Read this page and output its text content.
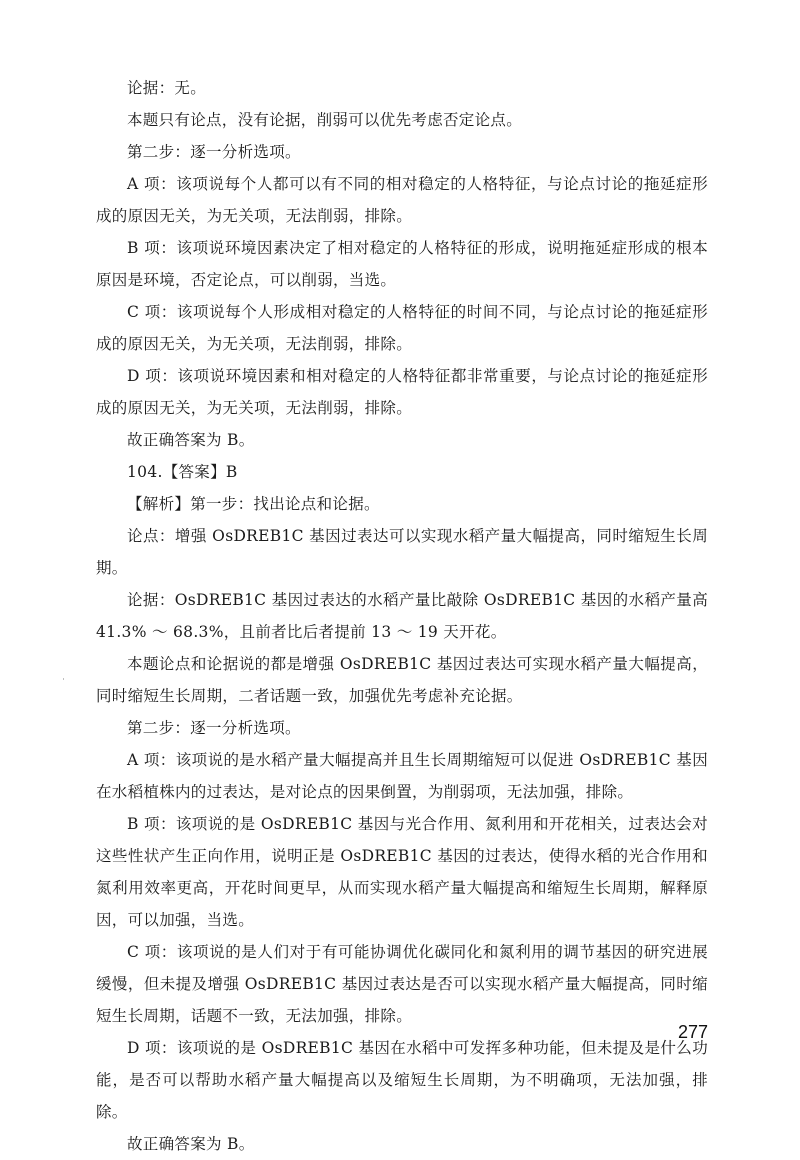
论据：无。

本题只有论点，没有论据，削弱可以优先考虑否定论点。

第二步：逐一分析选项。

A 项：该项说每个人都可以有不同的相对稳定的人格特征，与论点讨论的拖延症形成的原因无关，为无关项，无法削弱，排除。

B 项：该项说环境因素决定了相对稳定的人格特征的形成，说明拖延症形成的根本原因是环境，否定论点，可以削弱，当选。

C 项：该项说每个人形成相对稳定的人格特征的时间不同，与论点讨论的拖延症形成的原因无关，为无关项，无法削弱，排除。

D 项：该项说环境因素和相对稳定的人格特征都非常重要，与论点讨论的拖延症形成的原因无关，为无关项，无法削弱，排除。

故正确答案为 B。

104.【答案】B

【解析】第一步：找出论点和论据。

论点：增强 OsDREB1C 基因过表达可以实现水稻产量大幅提高，同时缩短生长周期。

论据：OsDREB1C 基因过表达的水稻产量比敲除 OsDREB1C 基因的水稻产量高 41.3% ～ 68.3%，且前者比后者提前 13 ～ 19 天开花。

本题论点和论据说的都是增强 OsDREB1C 基因过表达可实现水稻产量大幅提高，同时缩短生长周期，二者话题一致，加强优先考虑补充论据。

第二步：逐一分析选项。

A 项：该项说的是水稻产量大幅提高并且生长周期缩短可以促进 OsDREB1C 基因在水稻植株内的过表达，是对论点的因果倒置，为削弱项，无法加强，排除。

B 项：该项说的是 OsDREB1C 基因与光合作用、氮利用和开花相关，过表达会对这些性状产生正向作用，说明正是 OsDREB1C 基因的过表达，使得水稻的光合作用和氮利用效率更高，开花时间更早，从而实现水稻产量大幅提高和缩短生长周期，解释原因，可以加强，当选。

C 项：该项说的是人们对于有可能协调优化碳同化和氮利用的调节基因的研究进展缓慢，但未提及增强 OsDREB1C 基因过表达是否可以实现水稻产量大幅提高，同时缩短生长周期，话题不一致，无法加强，排除。

D 项：该项说的是 OsDREB1C 基因在水稻中可发挥多种功能，但未提及是什么功能，是否可以帮助水稻产量大幅提高以及缩短生长周期，为不明确项，无法加强，排除。

故正确答案为 B。

277
